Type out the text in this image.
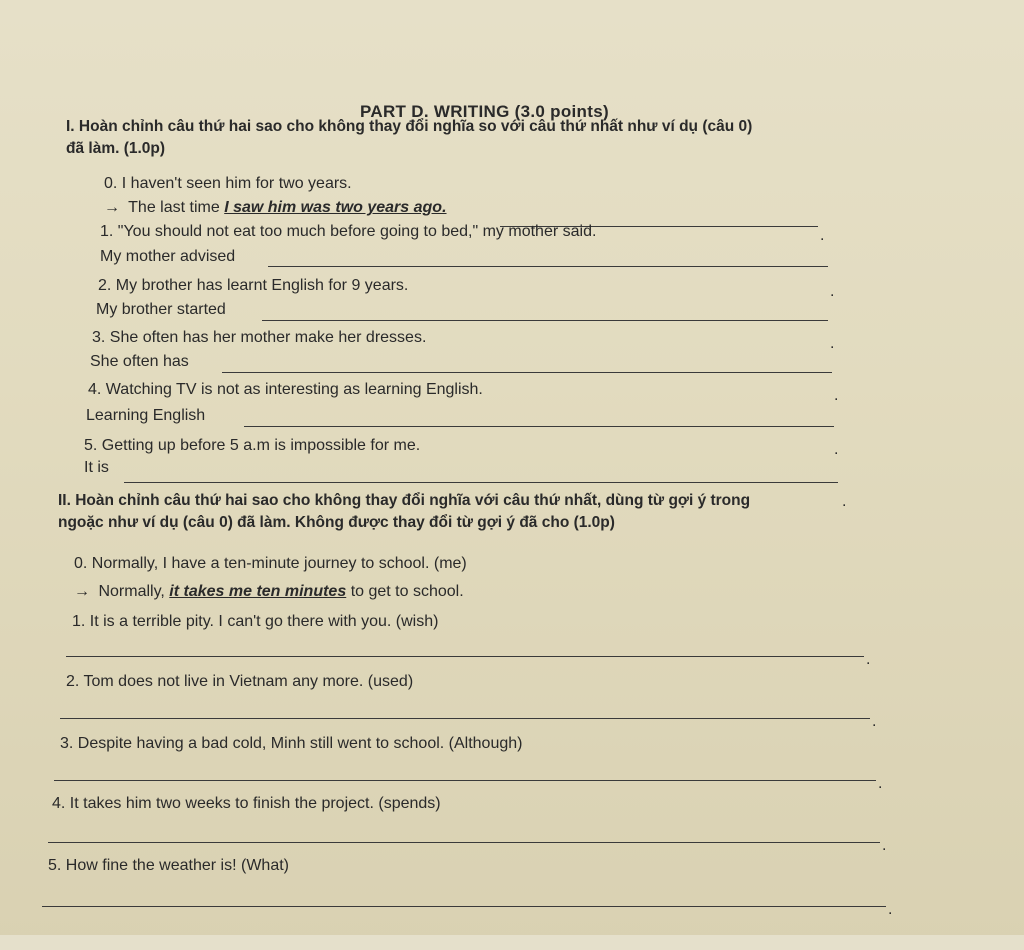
PART D. WRITING (3.0 points)
I. Hoàn chỉnh câu thứ hai sao cho không thay đổi nghĩa so với câu thứ nhất như ví dụ (câu 0)
đã làm. (1.0p)
0. I haven't seen him for two years.
→ The last time I saw him was two years ago.
.
1. "You should not eat too much before going to bed," my mother said.
My mother advised
.
2. My brother has learnt English for 9 years.
My brother started
.
3. She often has her mother make her dresses.
She often has
.
4. Watching TV is not as interesting as learning English.
Learning English
.
5. Getting up before 5 a.m is impossible for me.
It is
.
II. Hoàn chỉnh câu thứ hai sao cho không thay đổi nghĩa với câu thứ nhất, dùng từ gợi ý trong
ngoặc như ví dụ (câu 0) đã làm. Không được thay đổi từ gợi ý đã cho (1.0p)
0. Normally, I have a ten-minute journey to school. (me)
→ Normally, it takes me ten minutes to get to school.
1. It is a terrible pity. I can't go there with you. (wish)
.
2. Tom does not live in Vietnam any more. (used)
.
3. Despite having a bad cold, Minh still went to school. (Although)
.
4. It takes him two weeks to finish the project. (spends)
.
5. How fine the weather is! (What)
.
